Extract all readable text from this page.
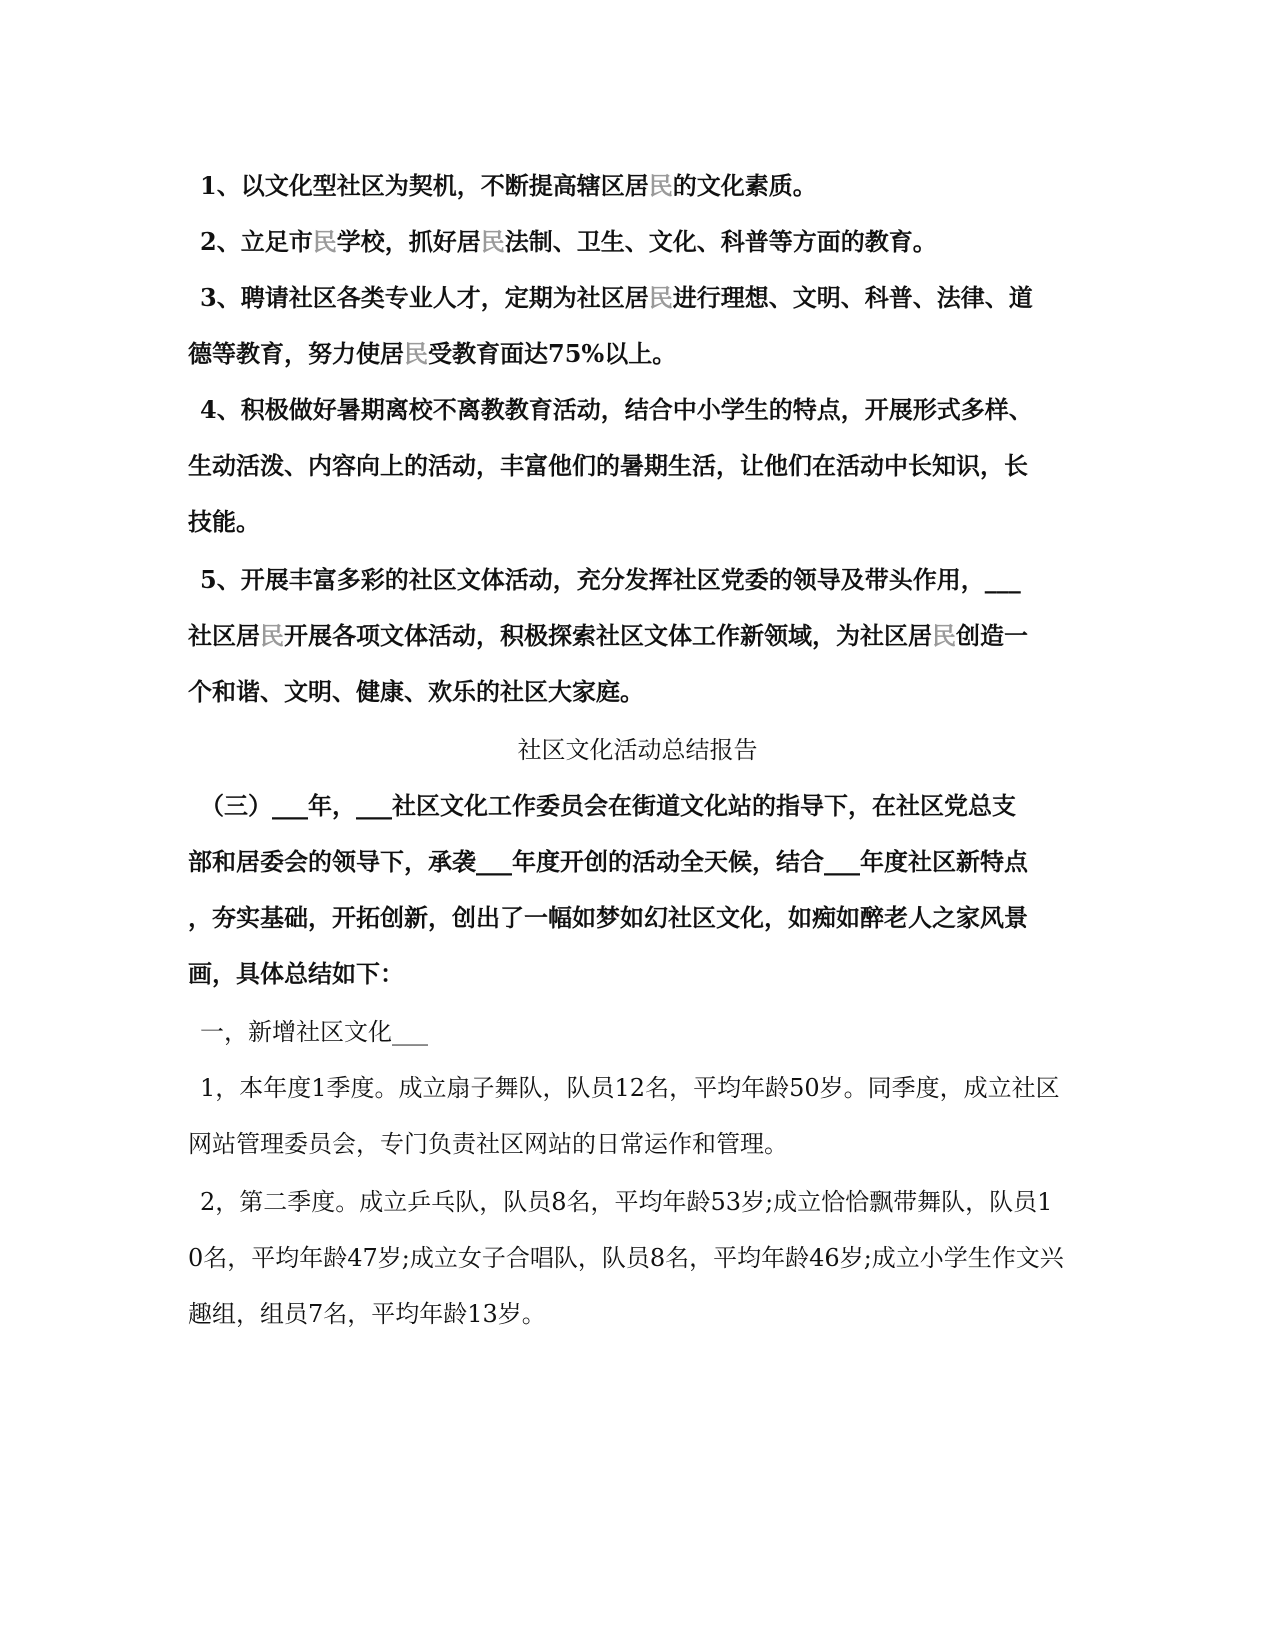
1、以文化型社区为契机，不断提高辖区居民的文化素质。
2、立足市民学校，抓好居民法制、卫生、文化、科普等方面的教育。
3、聘请社区各类专业人才，定期为社区居民进行理想、文明、科普、法律、道
德等教育，努力使居民受教育面达75%以上。
4、积极做好暑期离校不离教教育活动，结合中小学生的特点，开展形式多样、
生动活泼、内容向上的活动，丰富他们的暑期生活，让他们在活动中长知识，长
技能。
5、开展丰富多彩的社区文体活动，充分发挥社区党委的领导及带头作用，___
社区居民开展各项文体活动，积极探索社区文体工作新领域，为社区居民创造一
个和谐、文明、健康、欢乐的社区大家庭。
社区文化活动总结报告
（三）___年，___社区文化工作委员会在街道文化站的指导下，在社区党总支
部和居委会的领导下，承袭___年度开创的活动全天候，结合___年度社区新特点
，夯实基础，开拓创新，创出了一幅如梦如幻社区文化，如痴如醉老人之家风景
画，具体总结如下：
一，新增社区文化___
1，本年度1季度。成立扇子舞队，队员12名，平均年龄50岁。同季度，成立社区
网站管理委员会，专门负责社区网站的日常运作和管理。
2，第二季度。成立乒乓队，队员8名，平均年龄53岁;成立恰恰飘带舞队，队员1
0名，平均年龄47岁;成立女子合唱队，队员8名，平均年龄46岁;成立小学生作文兴
趣组，组员7名，平均年龄13岁。
